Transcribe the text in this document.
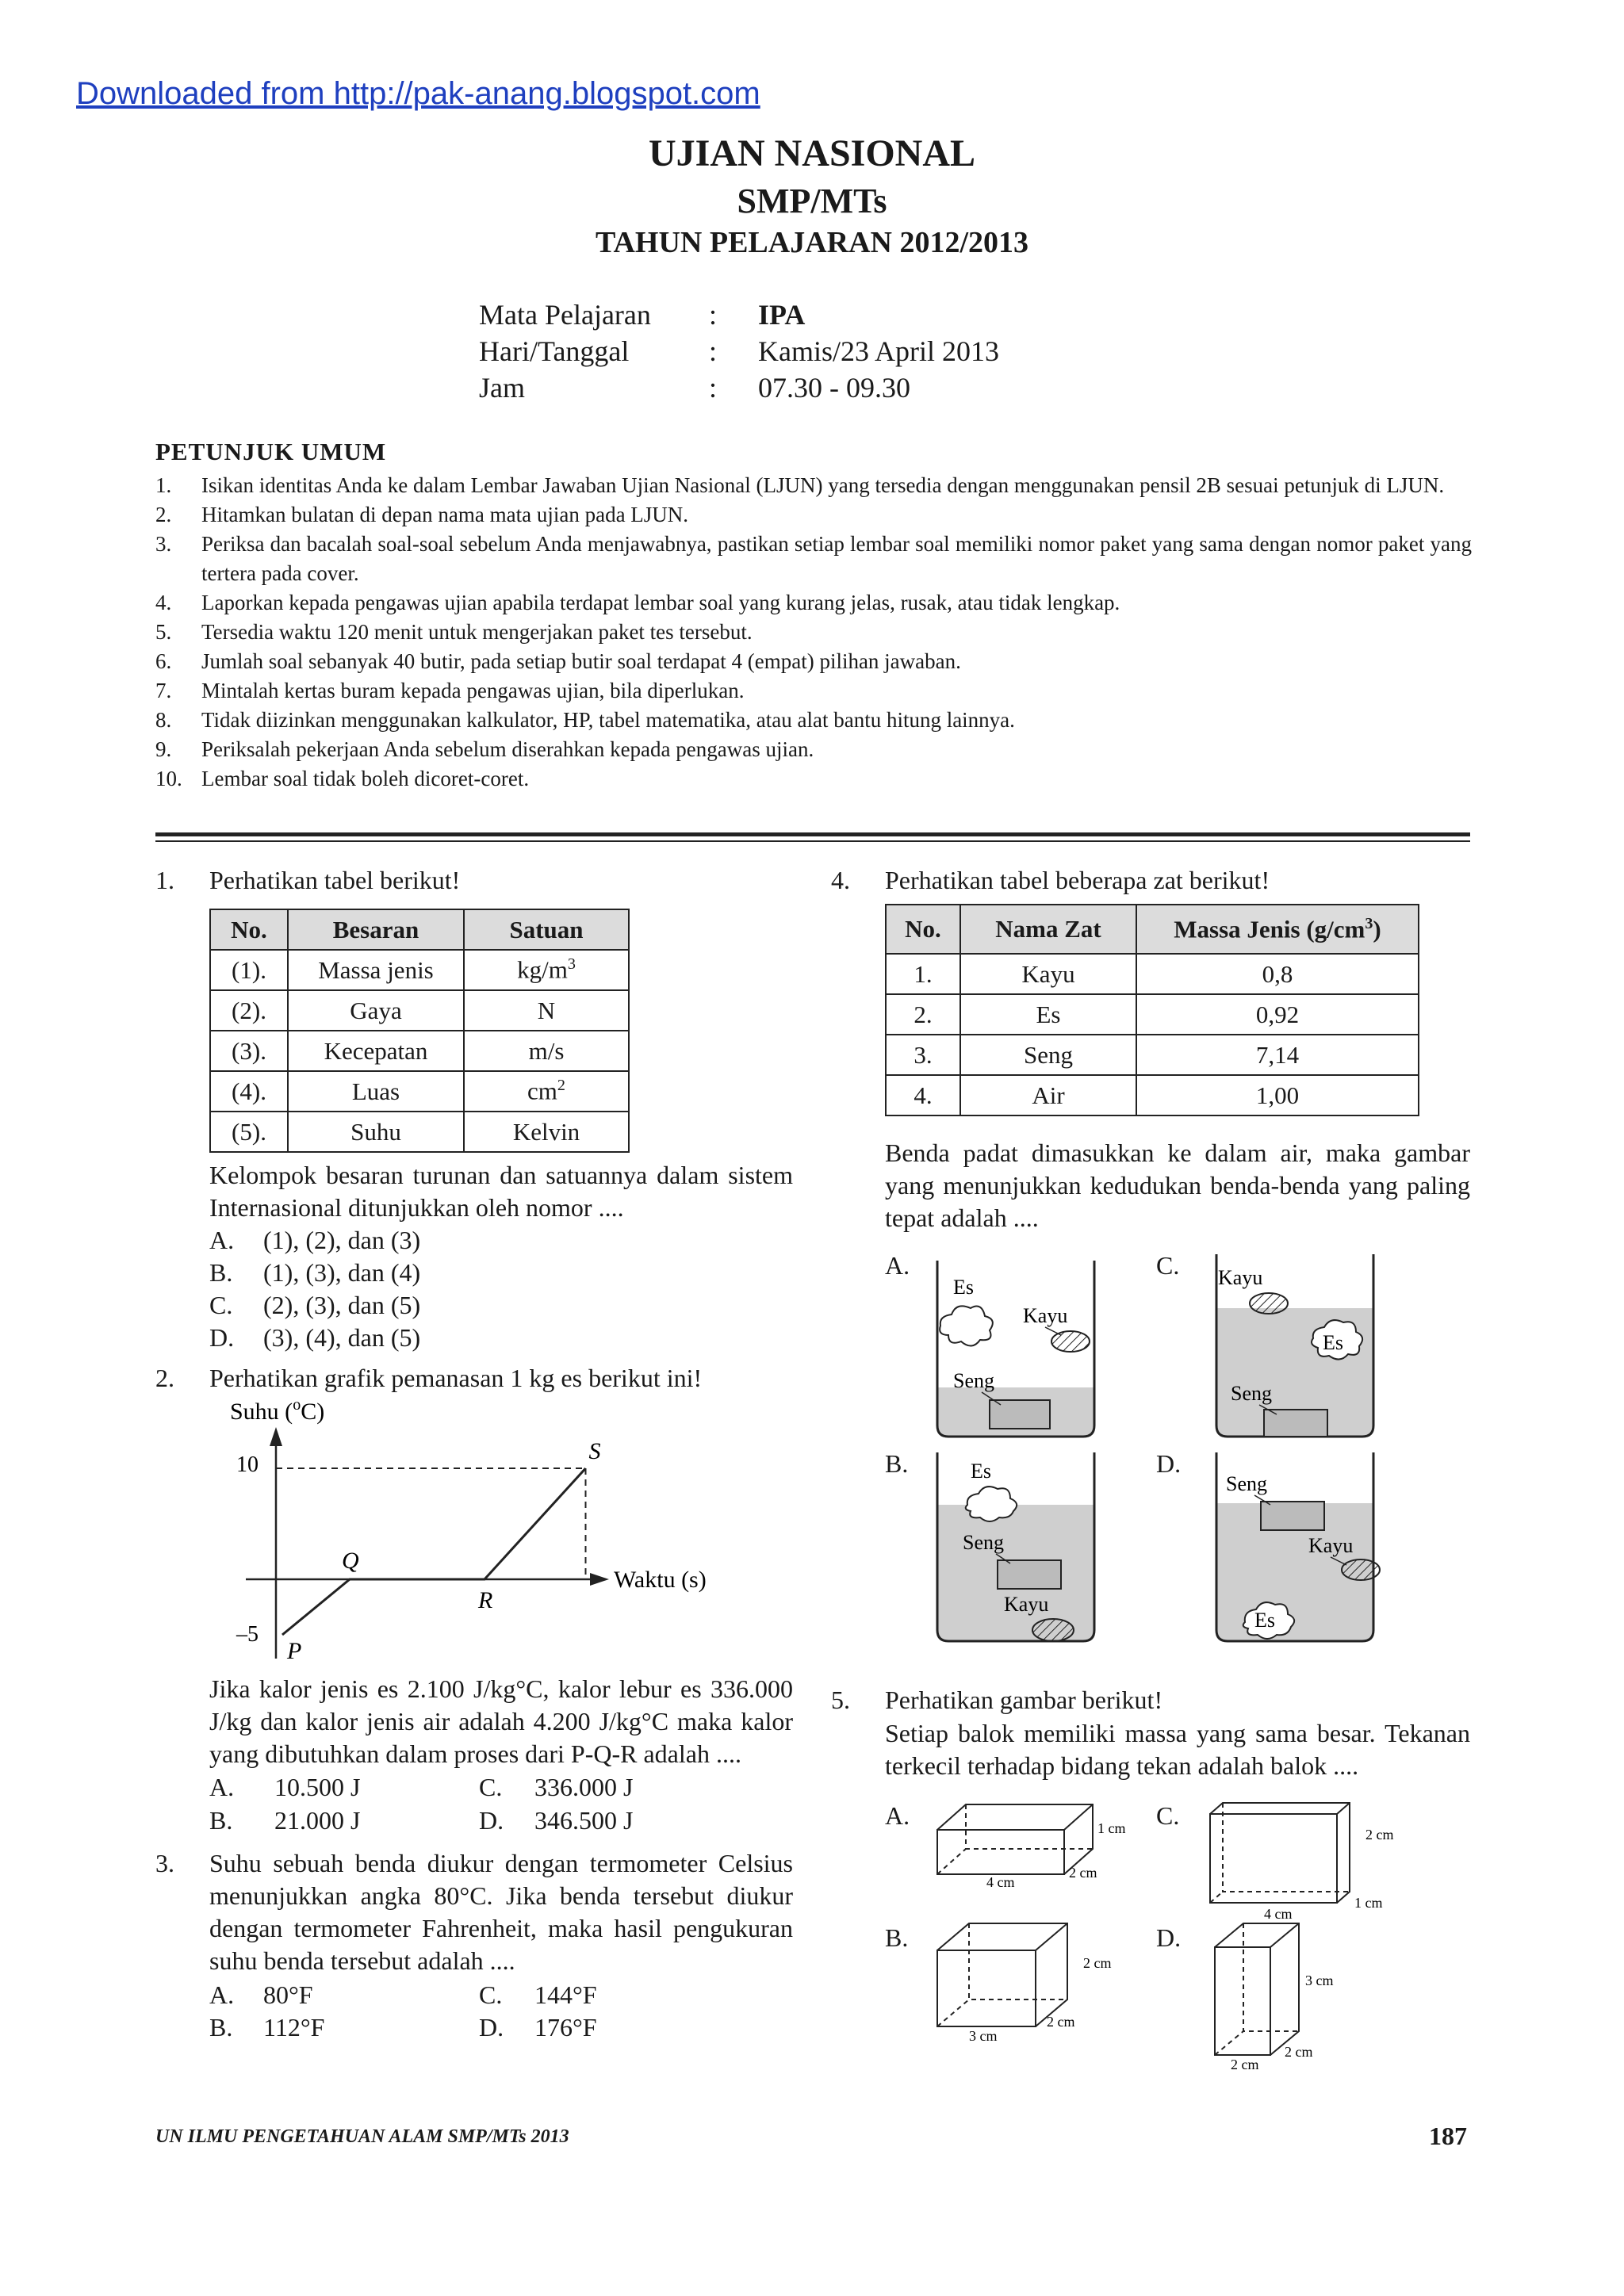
Downloaded from http://pak-anang.blogspot.com
UJIAN NASIONAL
SMP/MTs
TAHUN PELAJARAN 2012/2013
Mata Pelajaran : IPA
Hari/Tanggal	: Kamis/23 April 2013
Jam	: 07.30 - 09.30
PETUNJUK UMUM
1. Isikan identitas Anda ke dalam Lembar Jawaban Ujian Nasional (LJUN) yang tersedia dengan menggunakan pensil 2B sesuai petunjuk di LJUN.
2. Hitamkan bulatan di depan nama mata ujian pada LJUN.
3. Periksa dan bacalah soal-soal sebelum Anda menjawabnya, pastikan setiap lembar soal memiliki nomor paket yang sama dengan nomor paket yang tertera pada cover.
4. Laporkan kepada pengawas ujian apabila terdapat lembar soal yang kurang jelas, rusak, atau tidak lengkap.
5. Tersedia waktu 120 menit untuk mengerjakan paket tes tersebut.
6. Jumlah soal sebanyak 40 butir, pada setiap butir soal terdapat 4 (empat) pilihan jawaban.
7. Mintalah kertas buram kepada pengawas ujian, bila diperlukan.
8. Tidak diizinkan menggunakan kalkulator, HP, tabel matematika, atau alat bantu hitung lainnya.
9. Periksalah pekerjaan Anda sebelum diserahkan kepada pengawas ujian.
10. Lembar soal tidak boleh dicoret-coret.
1. Perhatikan tabel berikut!
No.	Besaran	Satuan
(1).	Massa jenis	$kg/m^3$
(2).	Gaya	N
(3).	Kecepatan	m/s
(4).	Luas	$cm^2$
(5).	Suhu	Kelvin
Kelompok besaran turunan dan satuannya dalam sistem Internasional ditunjukkan oleh nomor ....
A. (1), (2), dan (3)
B. (1), (3), dan (4)
C. (2), (3), dan (5)
D. (3), (4), dan (5)
2. Perhatikan grafik pemanasan 1 kg es berikut ini!
Suhu ($^o$C)
Waktu (s)
10
–5
P
Q
R
S
Jika kalor jenis es 2.100 J/kg°C, kalor lebur es 336.000 J/kg dan kalor jenis air adalah 4.200 J/kg°C maka kalor yang dibutuhkan dalam proses dari P-Q-R adalah ....
A. 10.500 J	C. 336.000 J
B. 21.000 J	D. 346.500 J
3. Suhu sebuah benda diukur dengan termometer Celsius menunjukkan angka 80°C. Jika benda tersebut diukur dengan termometer Fahrenheit, maka hasil pengukuran suhu benda tersebut adalah ....
A. 80°F	C. 144°F
B. 112°F	D. 176°F
4. Perhatikan tabel beberapa zat berikut!
No.	Nama Zat	Massa Jenis $(g/cm^3)$
1.	Kayu	0,8
2.	Es	0,92
3.	Seng	7,14
4.	Air	1,00
Benda padat dimasukkan ke dalam air, maka gambar yang menunjukkan kedudukan benda-benda yang paling tepat adalah ....
A.	C.
B.	D.
Es
Kayu
Seng
Kayu
Es
Seng
Es
Seng
Kayu
Seng
Kayu
Es
5. Perhatikan gambar berikut!
Setiap balok memiliki massa yang sama besar. Tekanan terkecil terhadap bidang tekan adalah balok ....
A.	C.
B.	D.
4 cm
2 cm
1 cm
4 cm
1 cm
2 cm
3 cm
2 cm
2 cm
2 cm
2 cm
3 cm
UN ILMU PENGETAHUAN ALAM SMP/MTs 2013	187
